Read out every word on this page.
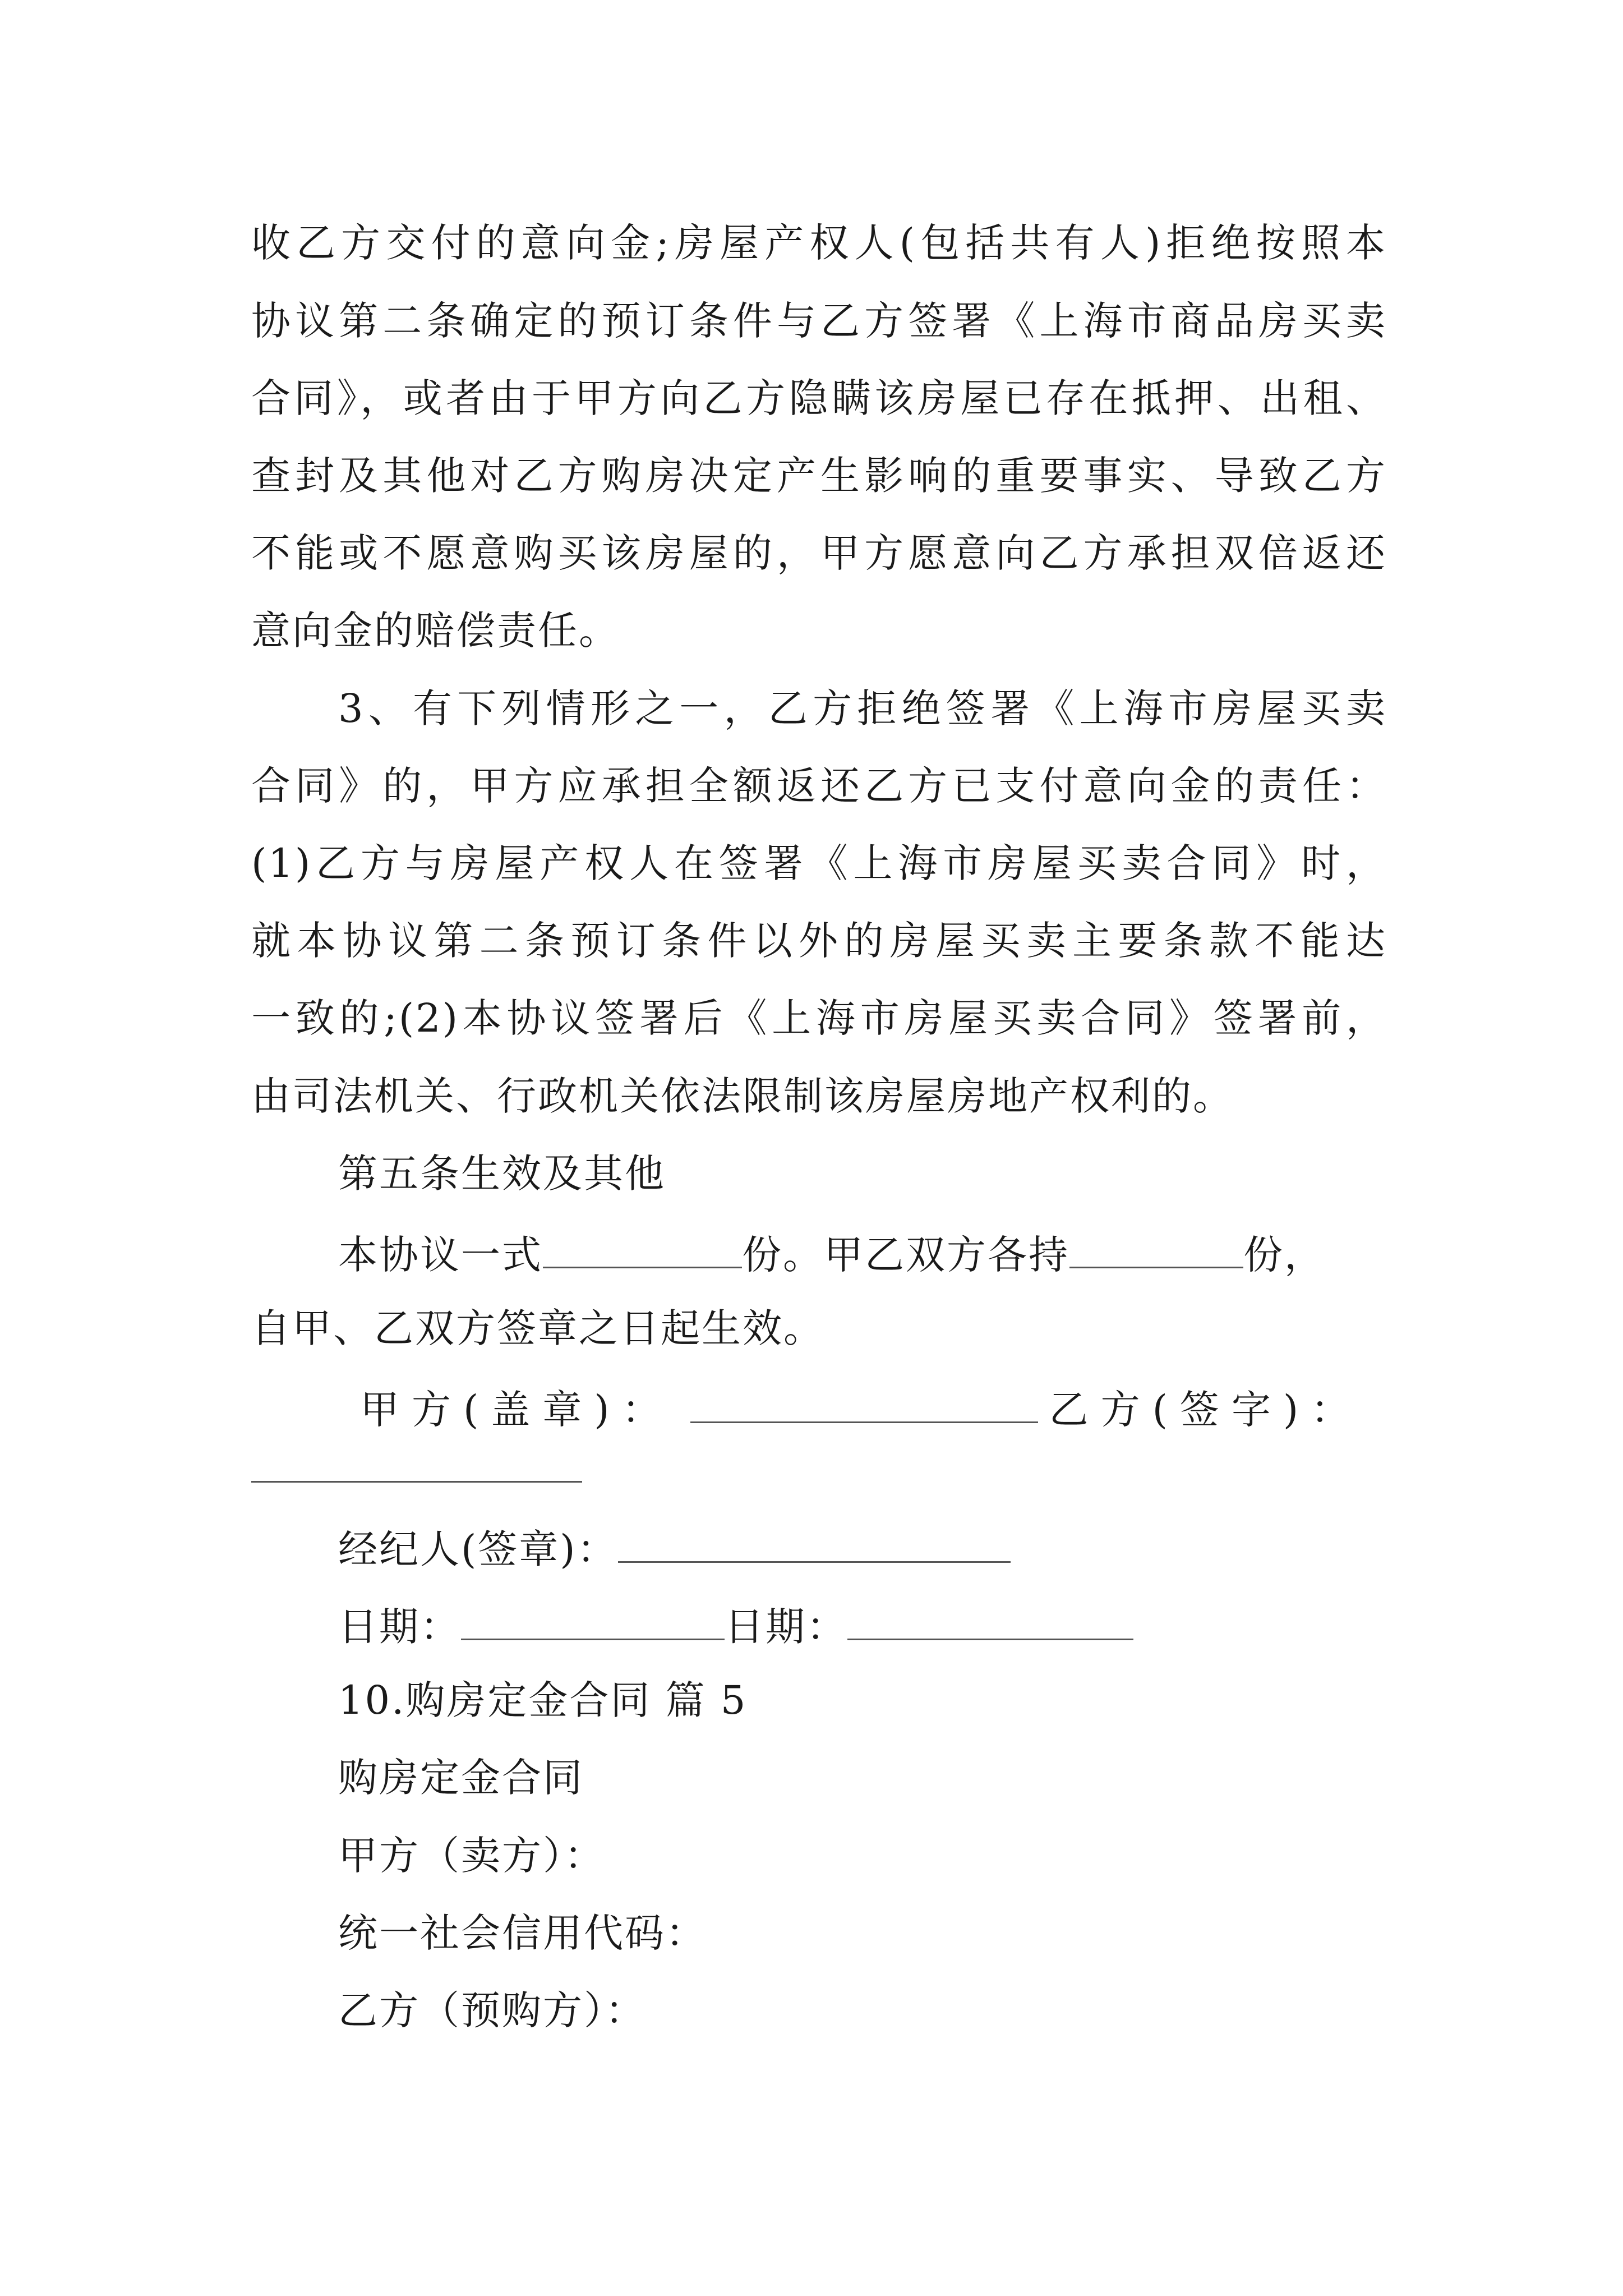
收乙方交付的意向金;房屋产权人(包括共有人)拒绝按照本
协议第二条确定的预订条件与乙方签署《上海市商品房买卖
合同》，或者由于甲方向乙方隐瞒该房屋已存在抵押、出租、
查封及其他对乙方购房决定产生影响的重要事实、导致乙方
不能或不愿意购买该房屋的，甲方愿意向乙方承担双倍返还
意向金的赔偿责任。
3、有下列情形之一，乙方拒绝签署《上海市房屋买卖
合同》的，甲方应承担全额返还乙方已支付意向金的责任：
(1)乙方与房屋产权人在签署《上海市房屋买卖合同》时，
就本协议第二条预订条件以外的房屋买卖主要条款不能达
一致的;(2)本协议签署后《上海市房屋买卖合同》签署前，
由司法机关、行政机关依法限制该房屋房地产权利的。
第五条生效及其他
本协议一式	份。甲乙双方各持	份，
自甲、乙双方签章之日起生效。
甲方(盖章)：	乙方(签字)：
经纪人(签章)：
日期：	日期：
10.购房定金合同 篇 5
购房定金合同
甲方（卖方）：
统一社会信用代码：
乙方（预购方）：
